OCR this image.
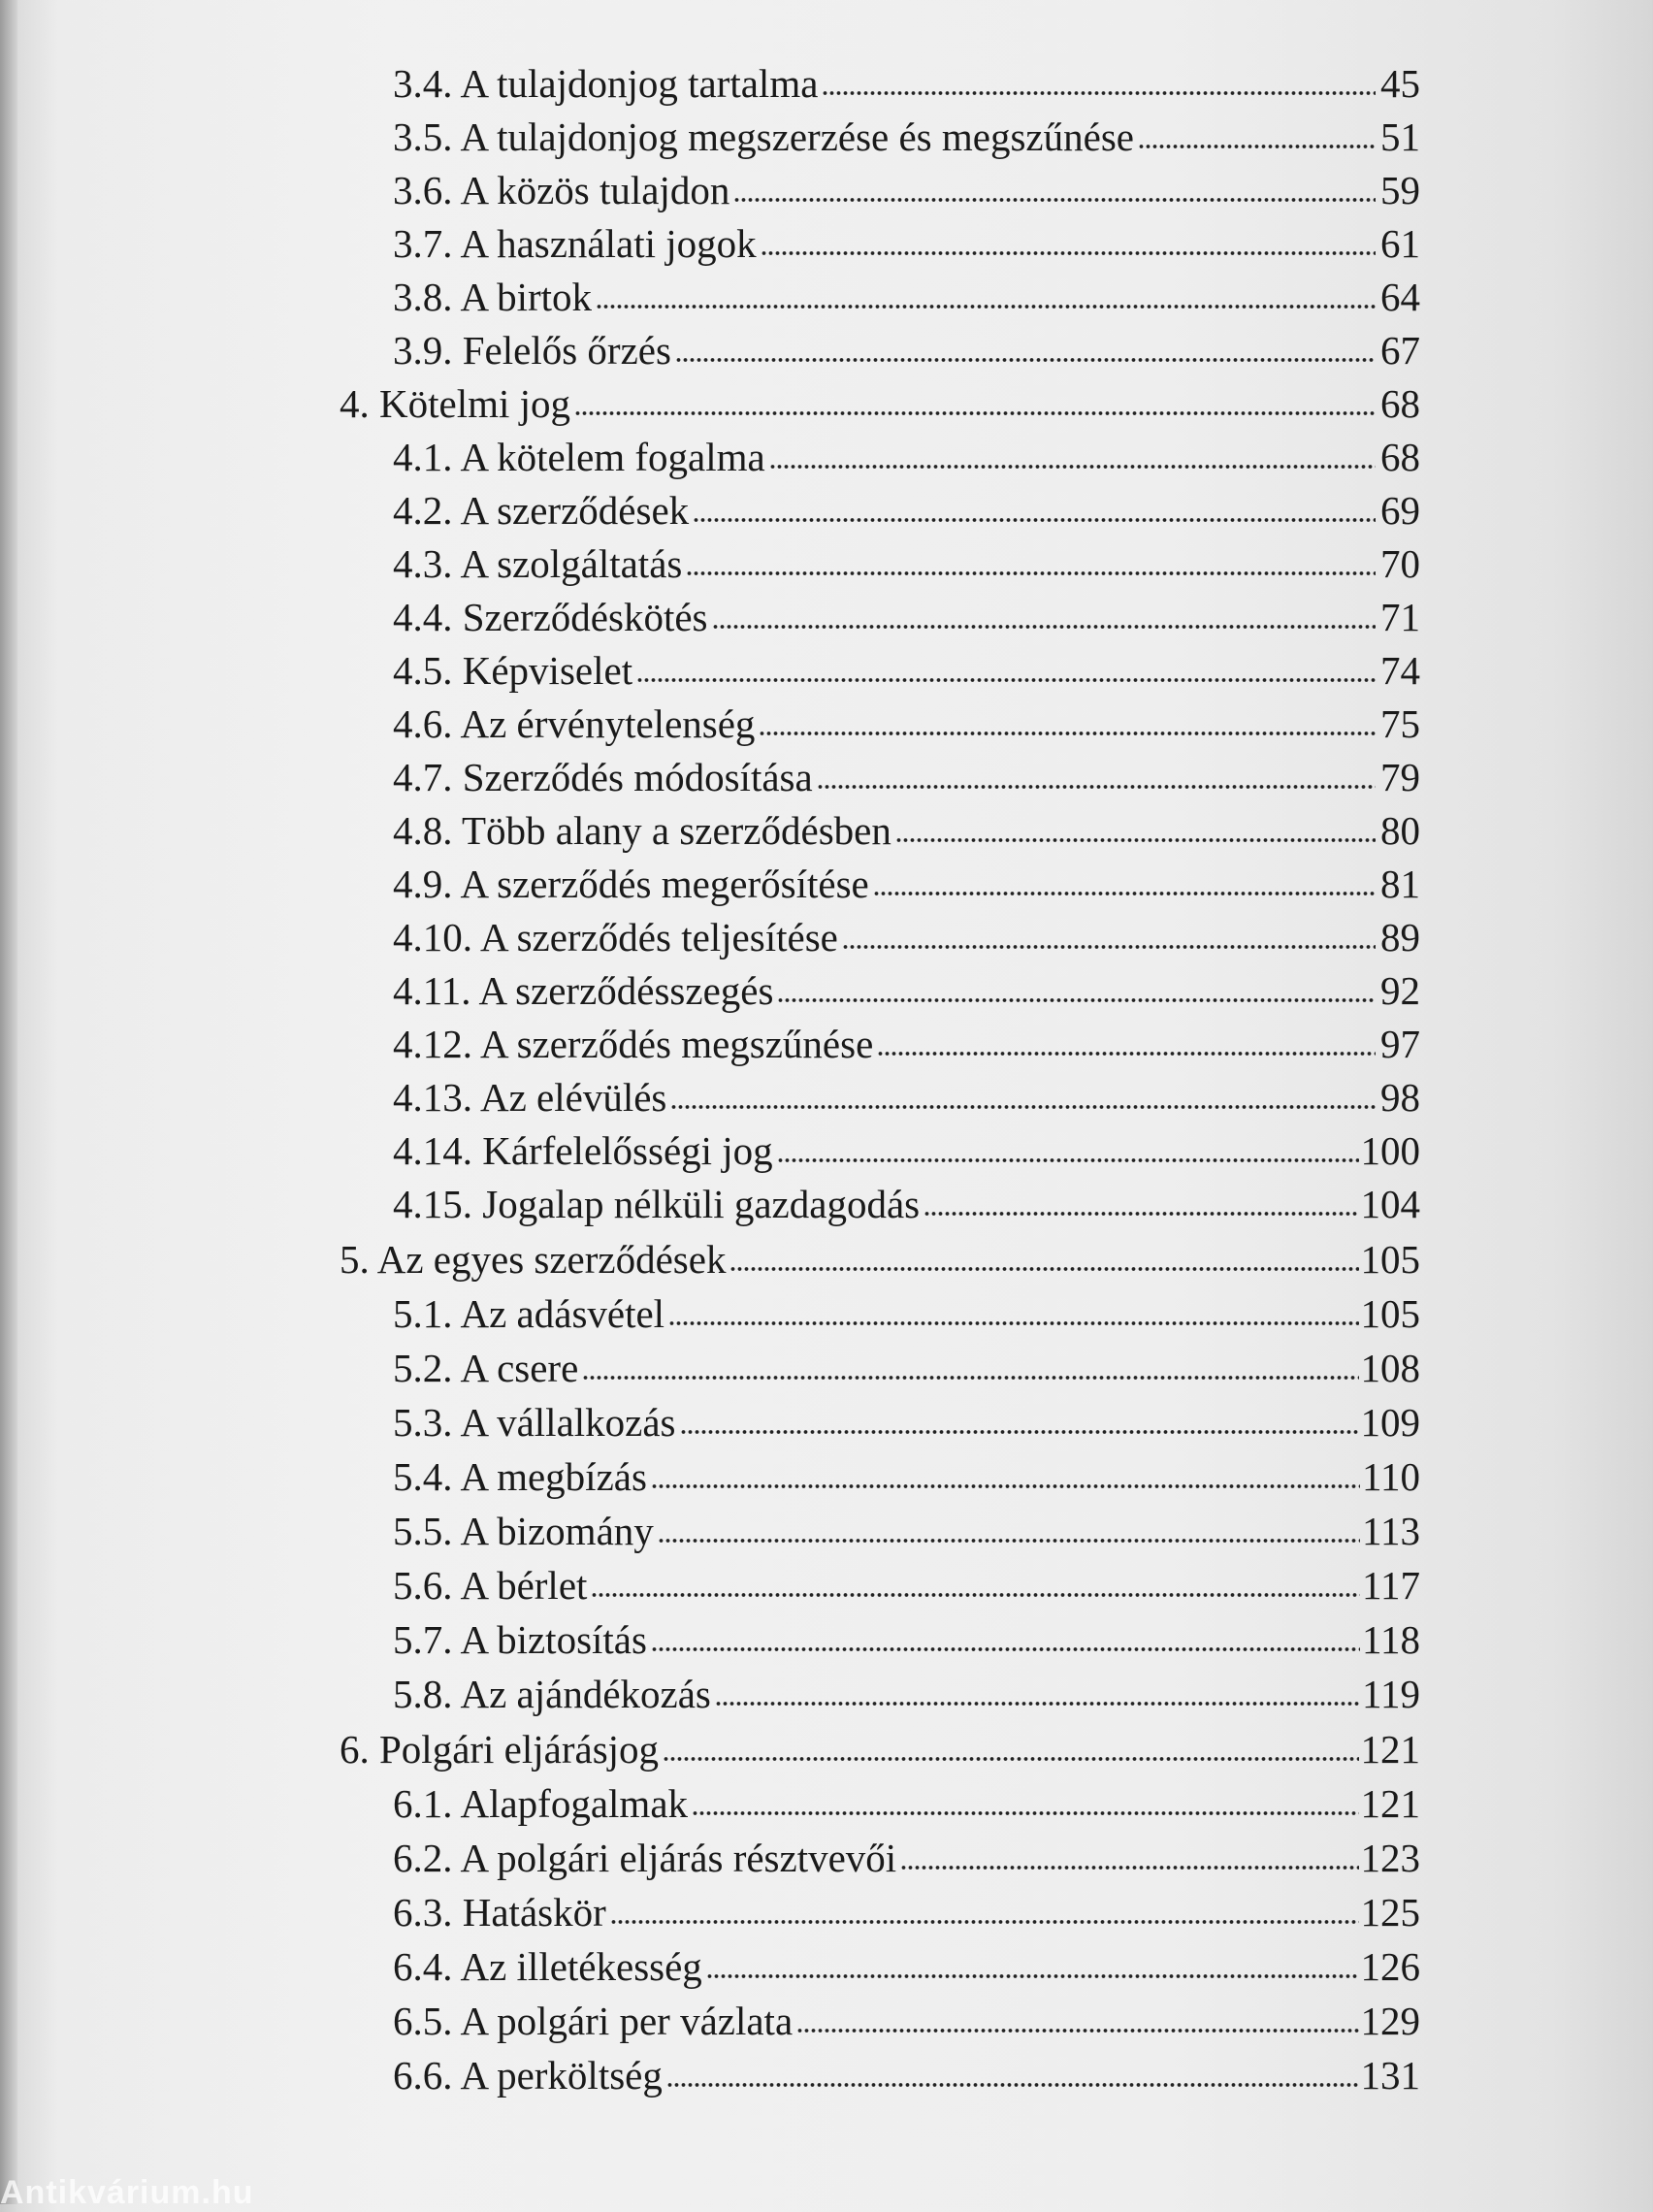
3.4. A tulajdonjog tartalma	45
3.5. A tulajdonjog megszerzése és megszűnése	51
3.6. A közös tulajdon	59
3.7. A használati jogok	61
3.8. A birtok	64
3.9. Felelős őrzés	67
4. Kötelmi jog	68
4.1. A kötelem fogalma	68
4.2. A szerződések	69
4.3. A szolgáltatás	70
4.4. Szerződéskötés	71
4.5. Képviselet	74
4.6. Az érvénytelenség	75
4.7. Szerződés módosítása	79
4.8. Több alany a szerződésben	80
4.9. A szerződés megerősítése	81
4.10. A szerződés teljesítése	89
4.11. A szerződésszegés	92
4.12. A szerződés megszűnése	97
4.13. Az elévülés	98
4.14. Kárfelelősségi jog	100
4.15. Jogalap nélküli gazdagodás	104
5. Az egyes szerződések	105
5.1. Az adásvétel	105
5.2. A csere	108
5.3. A vállalkozás	109
5.4. A megbízás	110
5.5. A bizomány	113
5.6. A bérlet	117
5.7. A biztosítás	118
5.8. Az ajándékozás	119
6. Polgári eljárásjog	121
6.1. Alapfogalmak	121
6.2. A polgári eljárás résztvevői	123
6.3. Hatáskör	125
6.4. Az illetékesség	126
6.5. A polgári per vázlata	129
6.6. A perköltség	131
Antikvárium.hu
